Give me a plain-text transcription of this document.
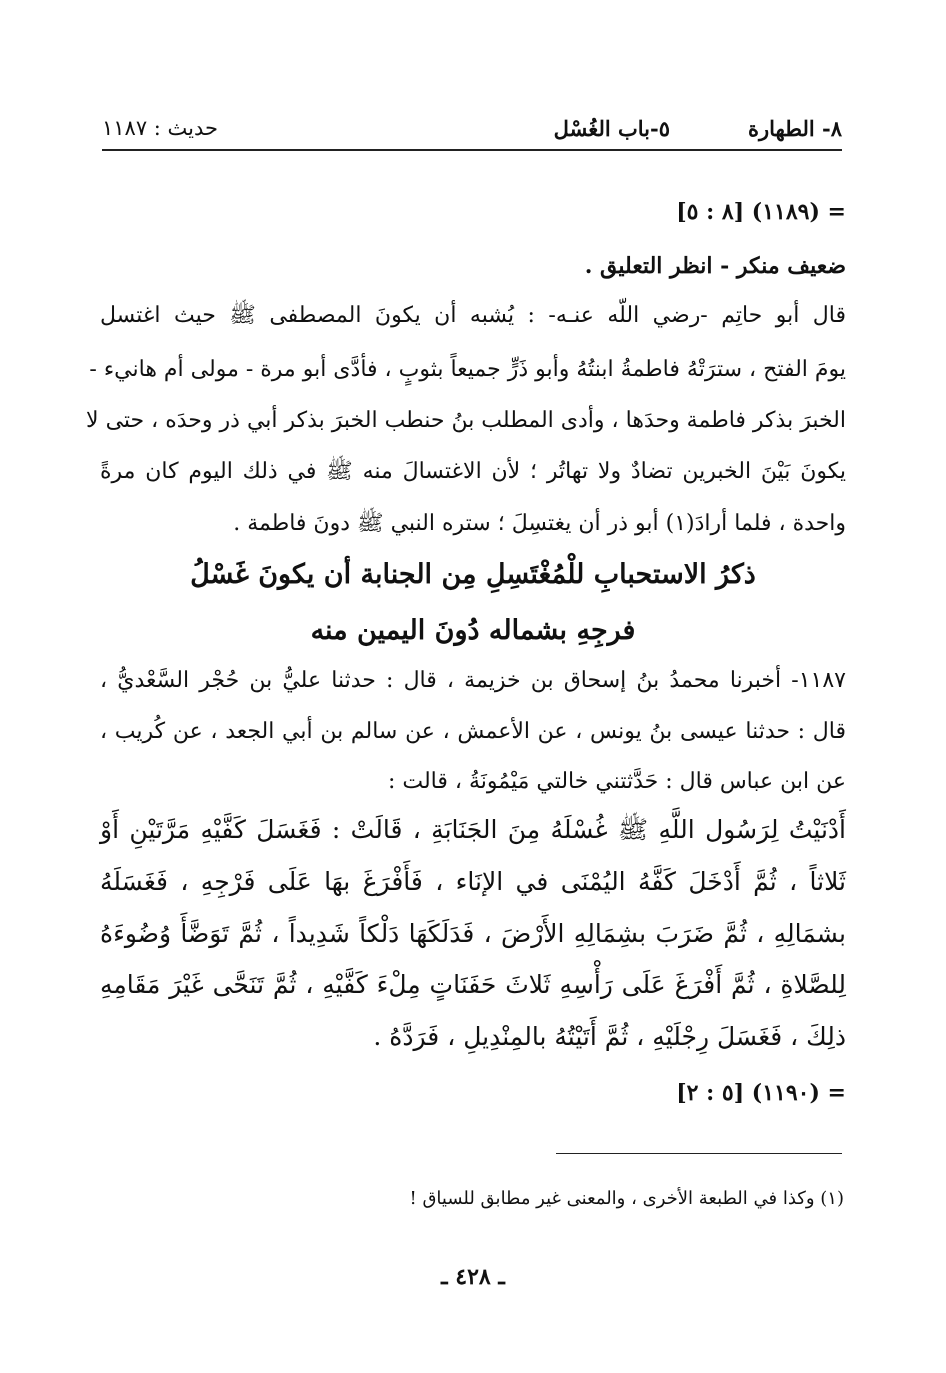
٨- الطهارة
٥-باب الغُسْل
حديث : ١١٨٧
= (١١٨٩) [٨ : ٥]
ضعيف منكر - انظر التعليق .
قال أبو حاتِم -رضي اللّه عنـه- : يُشبه أن يكونَ المصطفى ﷺ حيث اغتسل
يومَ الفتح ، سترَتْهُ فاطمةُ ابنتُهُ وأبو ذَرٍّ جميعاً بثوبٍ ، فأدَّى أبو مرة - مولى أم هانيء -
الخبرَ بذكر فاطمة وحدَها ، وأدى المطلب بنُ حنطب الخبرَ بذكر أبي ذر وحدَه ، حتى لا
يكونَ بَيْنَ الخبرين تضادٌ ولا تهاتُر ؛ لأن الاغتسالَ منه ﷺ في ذلك اليوم كان مرةً
واحدة ، فلما أرادَ(١) أبو ذر أن يغتسِلَ ؛ ستره النبي ﷺ دونَ فاطمة .
ذكرُ الاستحبابِ للْمُغْتَسِلِ مِن الجنابة أن يكونَ غَسْلُ
فرجِهِ بشماله دُونَ اليمين منه
١١٨٧- أخبرنا محمدُ بنُ إسحاق بن خزيمة ، قال : حدثنا عليُّ بن حُجْر السَّعْديُّ ،
قال : حدثنا عيسى بنُ يونس ، عن الأعمش ، عن سالم بن أبي الجعد ، عن كُريب ،
عن ابن عباس قال : حَدَّثتني خالتي مَيْمُونَةُ ، قالت :
أَدْنَيْتُ لِرَسُول اللَّهِ ﷺ غُسْلَهُ مِنَ الجَنَابَةِ ، قَالَتْ : فَغَسَلَ كَفَّيْهِ مَرَّتَيْنِ أَوْ
ثَلاثاً ، ثُمَّ أَدْخَلَ كَفَّهُ اليُمْنَى في الإنَاء ، فَأَفْرَغَ بهَا عَلَى فَرْجِهِ ، فَغَسَلَهُ
بشمَالِهِ ، ثُمَّ ضَرَبَ بشِمَالِهِ الأَرْضَ ، فَدَلَكَهَا دَلْكاً شَدِيداً ، ثُمَّ تَوَضَّأَ وُضُوءَهُ
لِلصَّلاةِ ، ثُمَّ أَفْرَغَ عَلَى رَأْسِهِ ثَلاثَ حَفَنَاتٍ مِلْءَ كَفَّيْهِ ، ثُمَّ تَنَحَّى غَيْرَ مَقَامِهِ
ذلِكَ ، فَغَسَلَ رِجْلَيْهِ ، ثُمَّ أَتَيْتُهُ بالمِنْدِيلِ ، فَرَدَّهُ .
= (١١٩٠) [٥ : ٢]
(١) وكذا في الطبعة الأخرى ، والمعنى غير مطابق للسياق !
ـ ٤٢٨ ـ
